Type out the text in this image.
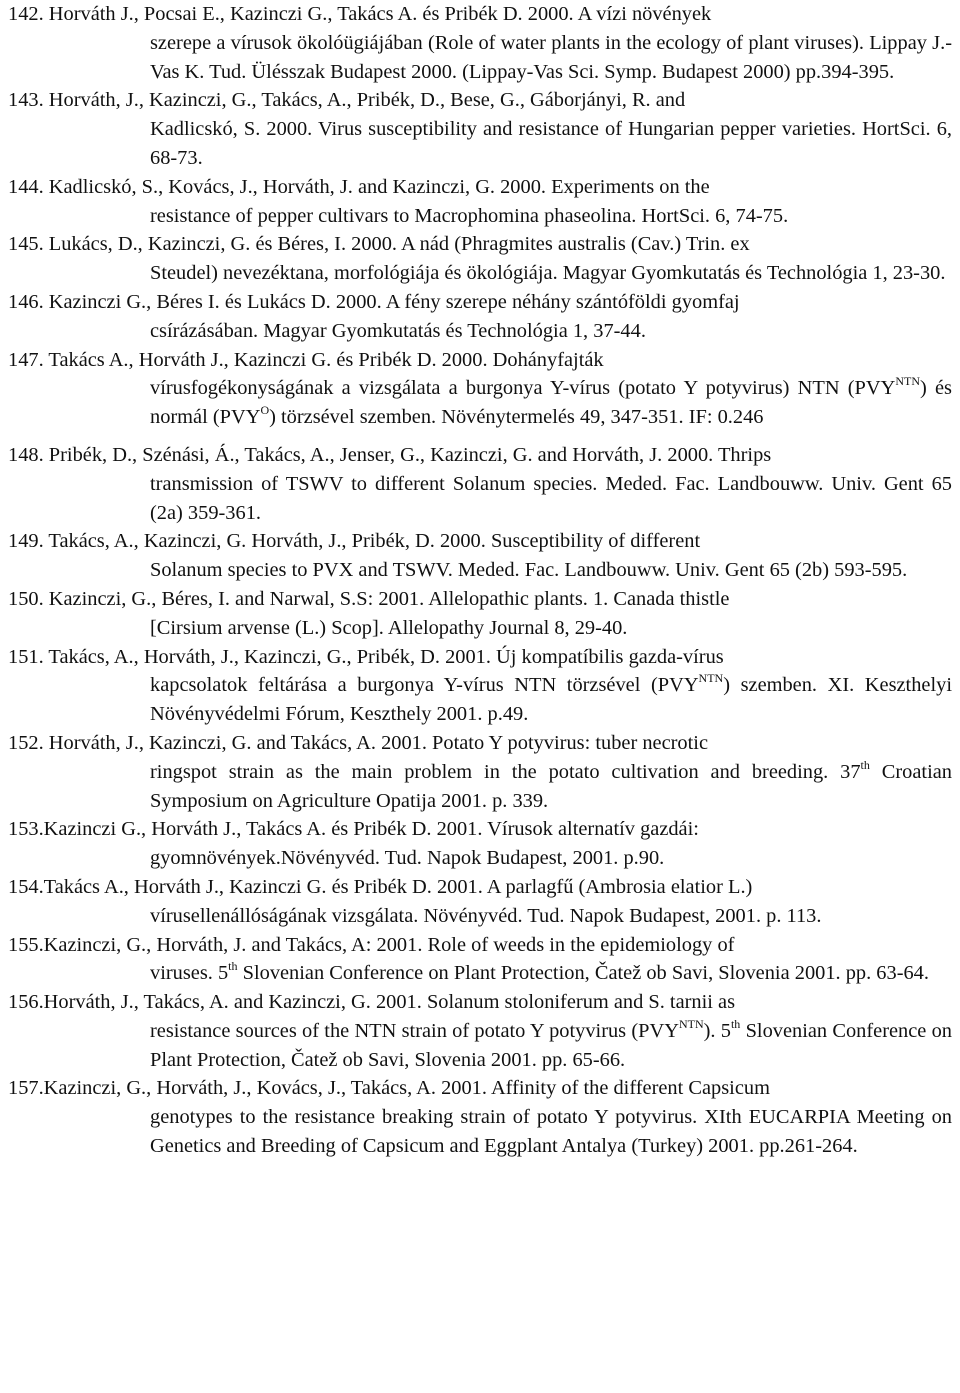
142. Horváth J., Pocsai E., Kazinczi G., Takács A. és Pribék D. 2000. A vízi növények
szerepe a vírusok ökolóügiájában (Role of water plants in the ecology of plant viruses). Lippay J.-Vas K. Tud. Ülésszak Budapest 2000. (Lippay-Vas Sci. Symp. Budapest 2000) pp.394-395.
143. Horváth, J., Kazinczi, G., Takács, A., Pribék, D., Bese, G., Gáborjányi, R. and
Kadlicskó, S. 2000. Virus susceptibility and resistance of Hungarian pepper varieties. HortSci. 6, 68-73.
144. Kadlicskó, S., Kovács, J., Horváth, J. and Kazinczi, G. 2000. Experiments on the
resistance of pepper cultivars to Macrophomina phaseolina. HortSci. 6, 74-75.
145. Lukács, D., Kazinczi, G. és Béres, I. 2000. A nád (Phragmites australis (Cav.) Trin. ex
Steudel) nevezéktana, morfológiája és ökológiája. Magyar Gyomkutatás és Technológia 1, 23-30.
146. Kazinczi G., Béres I. és Lukács D. 2000. A fény szerepe néhány szántóföldi gyomfaj
csírázásában. Magyar Gyomkutatás és Technológia 1, 37-44.
147. Takács A., Horváth J., Kazinczi G. és Pribék D. 2000. Dohányfajták
vírusfogékonyságának a vizsgálata a burgonya Y-vírus (potato Y potyvirus) NTN $(PVY^{NTN})$ és normál $(PVY^O)$ törzsével szemben. Növénytermelés 49, 347-351. IF: 0.246
148. Pribék, D., Szénási, Á., Takács, A., Jenser, G., Kazinczi, G. and Horváth, J. 2000. Thrips
transmission of TSWV to different Solanum species. Meded. Fac. Landbouww. Univ. Gent 65 (2a) 359-361.
149. Takács, A., Kazinczi, G. Horváth, J., Pribék, D. 2000. Susceptibility of different
Solanum species to PVX and TSWV. Meded. Fac. Landbouww. Univ. Gent 65 (2b) 593-595.
150. Kazinczi, G., Béres, I. and Narwal, S.S: 2001. Allelopathic plants. 1. Canada thistle
[Cirsium arvense (L.) Scop]. Allelopathy Journal 8, 29-40.
151. Takács, A., Horváth, J., Kazinczi, G., Pribék, D. 2001. Új kompatíbilis gazda-vírus
kapcsolatok feltárása a burgonya Y-vírus NTN törzsével $(PVY^{NTN})$ szemben. XI. Keszthelyi Növényvédelmi Fórum, Keszthely 2001. p.49.
152. Horváth, J., Kazinczi, G. and Takács, A. 2001. Potato Y potyvirus: tuber necrotic
ringspot strain as the main problem in the potato cultivation and breeding. 37th Croatian Symposium on Agriculture Opatija 2001. p. 339.
153.Kazinczi G., Horváth J., Takács A. és Pribék D. 2001. Vírusok alternatív gazdái:
gyomnövények.Növényvéd. Tud. Napok Budapest, 2001. p.90.
154.Takács A., Horváth J., Kazinczi G. és Pribék D. 2001. A parlagfű (Ambrosia elatior L.)
vírusellenállóságának vizsgálata. Növényvéd. Tud. Napok Budapest, 2001. p. 113.
155.Kazinczi, G., Horváth, J. and Takács, A: 2001. Role of weeds in the epidemiology of
viruses. 5th Slovenian Conference on Plant Protection, Čatež ob Savi, Slovenia 2001. pp. 63-64.
156.Horváth, J., Takács, A. and Kazinczi, G. 2001. Solanum stoloniferum and S. tarnii as
resistance sources of the NTN strain of potato Y potyvirus $(PVY^{NTN})$. 5th Slovenian Conference on Plant Protection, Čatež ob Savi, Slovenia 2001. pp. 65-66.
157.Kazinczi, G., Horváth, J., Kovács, J., Takács, A. 2001. Affinity of the different Capsicum
genotypes to the resistance breaking strain of potato Y potyvirus. XIth EUCARPIA Meeting on Genetics and Breeding of Capsicum and Eggplant Antalya (Turkey) 2001. pp.261-264.
